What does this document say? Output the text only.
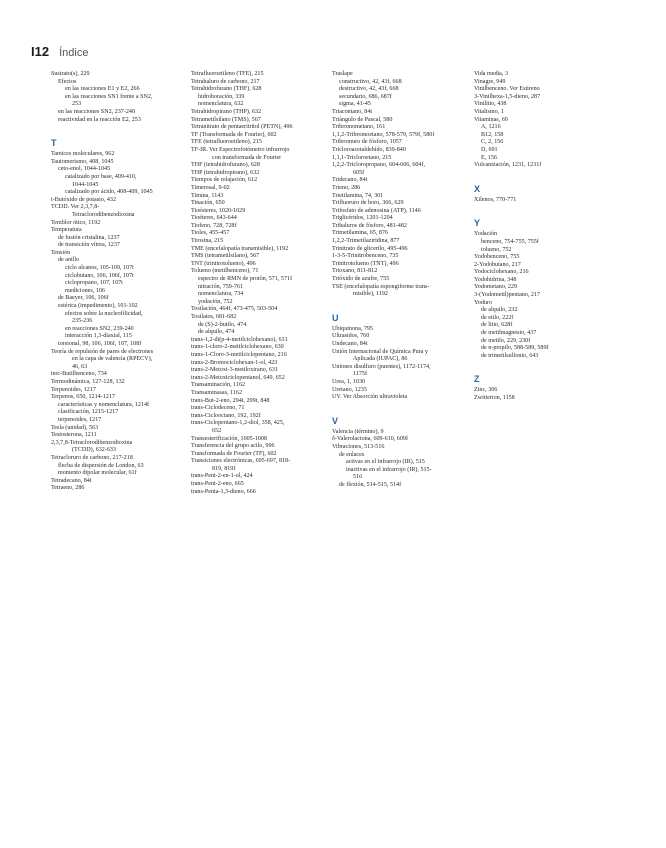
I12 Índice
Sustrato(s), 229
Efectos
en las reacciones E1 y E2, 266
en las reacciones SN1 frente a SN2,
253
en las reacciones SN2, 237-240
reactividad en la reacción E2, 253
T
Tamices moleculares, 962
Tautomerismo, 408, 1045
ceto-enol, 1044-1045
catalizado por base, 409-410,
1044-1045
catalizado por ácido, 408-409, 1045
t-Butóxido de potasio, 432
TCDD. Ver 2,3,7,8-
Tetraclorodibenzodioxina
Temblor ótico, 1192
Temperatura
de fusión cristalina, 1237
de transición vítrea, 1237
Tensión
de anillo
ciclo alcanos, 105-109, 107t
ciclobutano, 106, 106f, 107t
ciclopropano, 107, 107t
mediciones, 106
de Baeyer, 106, 106f
estérica (impedimento), 101-102
efectos sobre la nucleofilicidad,
235-236
en reacciones SN2, 239-240
interacción 1,3-diaxial, 115
torsional, 98, 106, 106f, 107, 108f
Teoría de repulsión de pares de electrones
en la capa de valencia (RPECV),
46, 63
terc-Butilbenceno, 734
Termodinámica, 127-128, 132
Terpenoides, 1217
Terpenos, 650, 1214-1217
características y nomenclatura, 1214f
clasificación, 1215-1217
terpenoides, 1217
Tesla (unidad), 563
Testosterona, 1211
2,3,7,8-Tetraclorodibenzodioxina
(TCDD), 632-633
Tetracloruro de carbono, 217-218
flecha de dispersión de London, 63
momento dipolar molecular, 61f
Tetradecano, 84t
Tetraeno, 286
Tetrafluoroetileno (TFE), 215
Tetrahaluro de carbono, 217
Tetrahidrofurano (THF), 628
hidroboración, 339
nomenclatura, 632
Tetrahidropirano (THP), 632
Tetrametilsilano (TMS), 567
Tetranitrato de pentaeritritol (PETN), 496
TF (Transformada de Fourier), 602
TFE (tetrafluoroetileno), 215
TF-IR. Ver Espectrofotómetro infrarrojo
con transformada de Fourier
THF (tetrahidrofurano), 628
THP (tetrahidropirano), 632
Tiempos de relajación, 612
Timerosal, 9-02
Timina, 1143
Tinación, 650
Tioésteres, 1020-1029
Tioéteres, 643-644
Tiofeno, 728, 728f
Tioles, 455-457
Tirosina, 215
TME (encefalopatía transmisible), 1192
TMS (tetrametilsilano), 567
TNT (trinitrotolueno), 496
Tolueno (metilbenceno), 71
espectro de RMN de protón, 571, 571f
nitración, 759-761
nomenclatura, 734
yodación, 752
Tosilación, 464f, 473-475, 503-504
Tosilatos, 681-682
de (S)-2-butilo, 474
de alquilo, 474
trans-1,2-di(p-4-metilciclohexano), 631
trans-1-cloro-2-metilciclohexano, 630
trans-1-Cloro-3-metilciclopentano, 216
trans-2-Bromociclohexan-1-ol, 423
trans-2-Metoxi-3-metiloxirano, 631
trans-2-Metoxiciclopentanol, 649, 652
Transaminación, 1162
Transaminasas, 1162
trans-But-2-eno, 294t, 299t, 848
trans-Ciclodeceno, 71
trans-Ciclooctano, 192, 192f
trans-Ciclopentano-1,2-diol, 358, 425,
652
Transesterificación, 1005-1008
Transferencia del grupo acilo, 996
Transformada de Fourier (TF), 602
Transiciones electrónicas, 695-697, 818-
819, 819f
trans-Pent-2-en-1-ol, 424
trans-Pent-2-eno, 665
trans-Penta-1,3-dieno, 666
Traslape
constructivo, 42, 43f, 668
destructivo, 42, 43f, 668
secundario, 686, 687f
sigma, 41-45
Triacontano, 84t
Triángulo de Pascal, 580
Tribromometano, 161
1,1,2-Tribromoetano, 578-579, 579f, 580f
Tribromuro de fósforo, 1057
Tricloroacetaldehído, 839-840
1,1,1-Tricloroetano, 215
1,2,2-Tricloropropano, 604-606, 604f,
605f
Tridecano, 84t
Trieno, 286
Trietilamina, 74, 301
Trifluoruro de boro, 366, 629
Trifosfato de adenosina (ATP), 1146
Triglicéridos, 1201-1204
Trihaluros de fósforo, 481-482
Trimetilamina, 65, 876
1,2,2-Trimetilaziridina, 877
Trinitrato de glicerilo, 495-496
1-3-5-Trinitrobenceno, 735
Trinitrotolueno (TNT), 496
Trioxano, 811-812
Trióxido de azufre, 755
TSE (encefalopatía espongiforme trans-
misible), 1192
U
Ubiquinona, 795
Ultrasidos, 760
Undecano, 84t
Unión Internacional de Química Pura y
Aplicada (IUPAC), 86
Uniones disulfuro (puentes), 1172-1174,
1175f
Urea, 1, 1030
Uretano, 1235
UV. Ver Absorción ultravioleta
V
Valencia (término), 9
δ-Valerolactona, 609-610, 609f
Vibraciones, 513-516
de enlaces
activas en el infrarrojo (IR), 515
inactivas en el infrarrojo (IR), 515-
516
de flexión, 514-515, 514f
Vida media, 3
Vinagre, 949
Vinilbenceno. Ver Estireno
3-Vinilhexa-1,5-dieno, 287
Vinilitio, 438
Vitalismo, 1
Vitaminas, 69
A, 1216
B12, 158
C, 2, 156
D, 691
E, 156
Vulcanización, 1231, 1231f
X
Xilenos, 770-771
Y
Yodación
benceno, 754-755, 755f
tolueno, 752
Yodobenceno, 755
2-Yodobutano, 217
Yodociclohexano, 216
Yodohidrina, 348
Yodometano, 229
3-(Yodometil)pentano, 217
Yoduro
de alquilo, 232
de etilo, 222f
de litio, 628f
de metilmagnesio, 437
de metilo, 229, 230f
de n-propilo, 588-589, 589f
de trimetilsulfonio, 643
Z
Zinc, 306
Zwitterion, 1158
